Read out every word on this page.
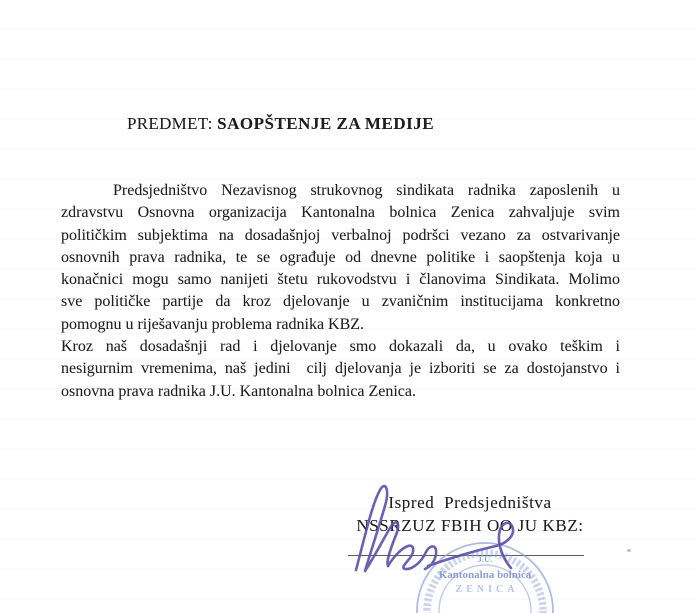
PREDMET: SAOPŠTENJE ZA MEDIJE
Predsjedništvo Nezavisnog strukovnog sindikata radnika zaposlenih u
zdravstvu Osnovna organizacija Kantonalna bolnica Zenica zahvaljuje svim
političkim subjektima na dosadašnjoj verbalnoj podršci vezano za ostvarivanje
osnovnih prava radnika, te se ograđuje od dnevne politike i saopštenja koja u
konačnici mogu samo nanijeti štetu rukovodstvu i članovima Sindikata. Molimo
sve političke partije da kroz djelovanje u zvaničnim institucijama konkretno
pomognu u riješavanju problema radnika KBZ.
Kroz naš dosadašnji rad i djelovanje smo dokazali da, u ovako teškim i
nesigurnim vremenima, naš jedini  cilj djelovanja je izboriti se za dostojanstvo i
osnovna prava radnika J.U. Kantonalna bolnica Zenica.
Ispred  Predsjedništva
NSSRZUZ FBIH OO JU KBZ:
J.U.
Kantonalna bolnica
ZENICA
